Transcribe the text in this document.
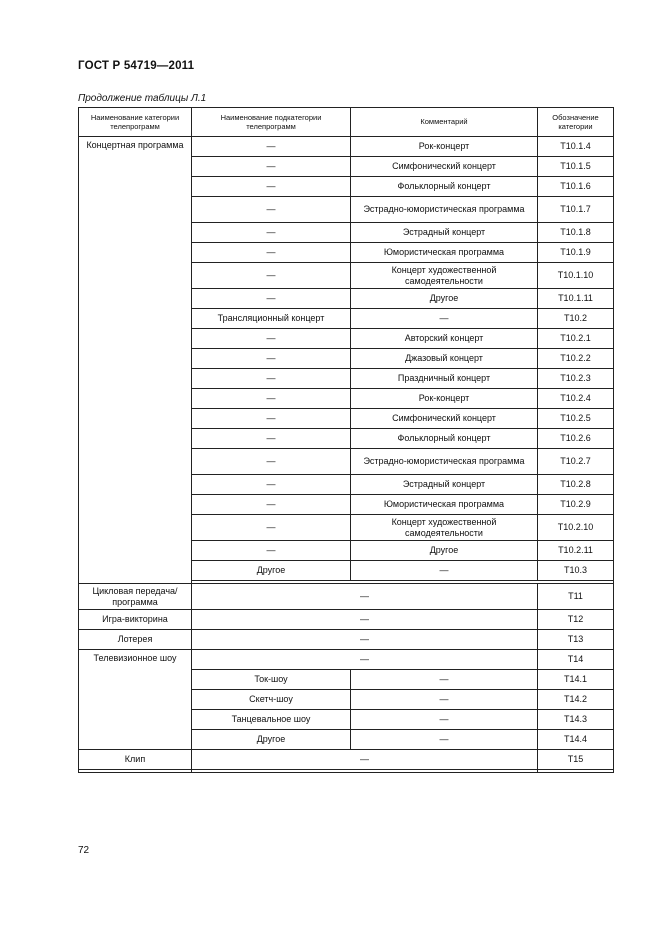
ГОСТ Р 54719—2011
Продолжение таблицы Л.1
Наименование категории телепрограмм	Наименование подкатегории телепрограмм	Комментарий	Обозначение категории
Концертная программа	—	Рок-концерт	T10.1.4
	—	Симфонический концерт	T10.1.5
	—	Фольклорный концерт	T10.1.6
	—	Эстрадно-юмористическая программа	T10.1.7
	—	Эстрадный концерт	T10.1.8
	—	Юмористическая программа	T10.1.9
	—	Концерт художественной самодеятельности	T10.1.10
	—	Другое	T10.1.11
	Трансляционный концерт	—	T10.2
	—	Авторский концерт	T10.2.1
	—	Джазовый концерт	T10.2.2
	—	Праздничный концерт	T10.2.3
	—	Рок-концерт	T10.2.4
	—	Симфонический концерт	T10.2.5
	—	Фольклорный концерт	T10.2.6
	—	Эстрадно-юмористическая программа	T10.2.7
	—	Эстрадный концерт	T10.2.8
	—	Юмористическая программа	T10.2.9
	—	Концерт художественной самодеятельности	T10.2.10
	—	Другое	T10.2.11
	Другое	—	T10.3

Цикловая передача/ программа	—		T11
Игра-викторина	—		T12
Лотерея	—		T13
Телевизионное шоу	—		T14
	Ток-шоу	—	T14.1
	Скетч-шоу	—	T14.2
	Танцевальное шоу	—	T14.3
	Другое	—	T14.4
Клип	—		T15

72
